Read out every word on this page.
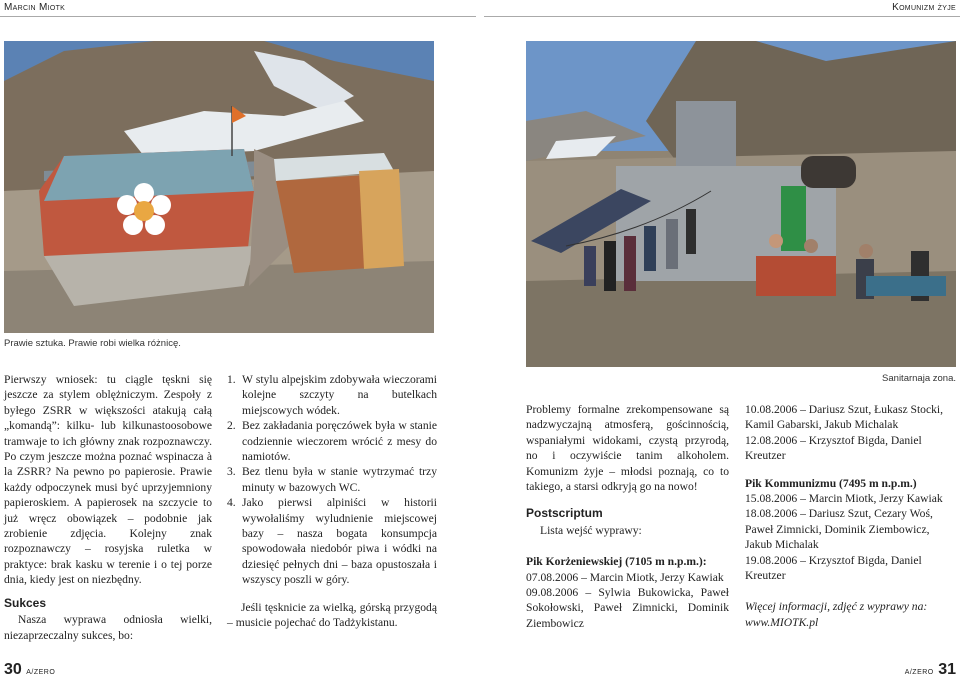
Marcin Miotk	Komunizm żyje
Prawie sztuka. Prawie robi wielka różnicę.
Sanitarnaja zona.

Pierwszy wniosek: tu ciągle tęskni się jeszcze za stylem oblężniczym. Zespoły z byłego ZSRR w większości atakują całą „komandą”: kilku- lub kilkunastoosobowe tramwaje to ich główny znak rozpoznawczy. Po czym jeszcze można poznać wspinacza à la ZSRR? Na pewno po papierosie. Prawie każdy odpoczynek musi być uprzyjemniony papieroskiem. A papierosek na szczycie to już wręcz obowiązek – podobnie jak zrobienie zdjęcia. Kolejny znak rozpoznawczy – rosyjska ruletka w praktyce: brak kasku w terenie i o tej porze dnia, kiedy jest on niezbędny.

Sukces

Nasza wyprawa odniosła wielki, niezaprzeczalny sukces, bo:

1. W stylu alpejskim zdobywała wieczorami kolejne szczyty na butelkach miejscowych wódek.
2. Bez zakładania poręczówek była w stanie codziennie wieczorem wrócić z mesy do namiotów.
3. Bez tlenu była w stanie wytrzymać trzy minuty w bazowych WC.
4. Jako pierwsi alpiniści w historii wywołaliśmy wyludnienie miejscowej bazy – nasza bogata konsumpcja spowodowała niedobór piwa i wódki na dziesięć pełnych dni – baza opustoszała i wszyscy poszli w góry.

Jeśli tęsknicie za wielką, górską przygodą – musicie pojechać do Tadżykistanu.

Problemy formalne zrekompensowane są nadzwyczajną atmosferą, gościnnością, wspaniałymi widokami, czystą przyrodą, no i oczywiście tanim alkoholem. Komunizm żyje – młodsi poznają, co to takiego, a starsi odkryją go na nowo!

Postscriptum

Lista wejść wyprawy:

Pik Korżeniewskiej (7105 m n.p.m.):

07.08.2006 – Marcin Miotk, Jerzy Kawiak
09.08.2006 – Sylwia Bukowicka, Paweł Sokołowski, Paweł Zimnicki, Dominik Ziembowicz
10.08.2006 – Dariusz Szut, Łukasz Stocki, Kamil Gabarski, Jakub Michalak
12.08.2006 – Krzysztof Bigda, Daniel Kreutzer

Pik Kommunizmu (7495 m n.p.m.)

15.08.2006 – Marcin Miotk, Jerzy Kawiak
18.08.2006 – Dariusz Szut, Cezary Woś, Paweł Zimnicki, Dominik Ziembowicz, Jakub Michalak
19.08.2006 – Krzysztof Bigda, Daniel Kreutzer

Więcej informacji, zdjęć z wyprawy na: www.MIOTK.pl

30 A/ZERO	A/ZERO 31
